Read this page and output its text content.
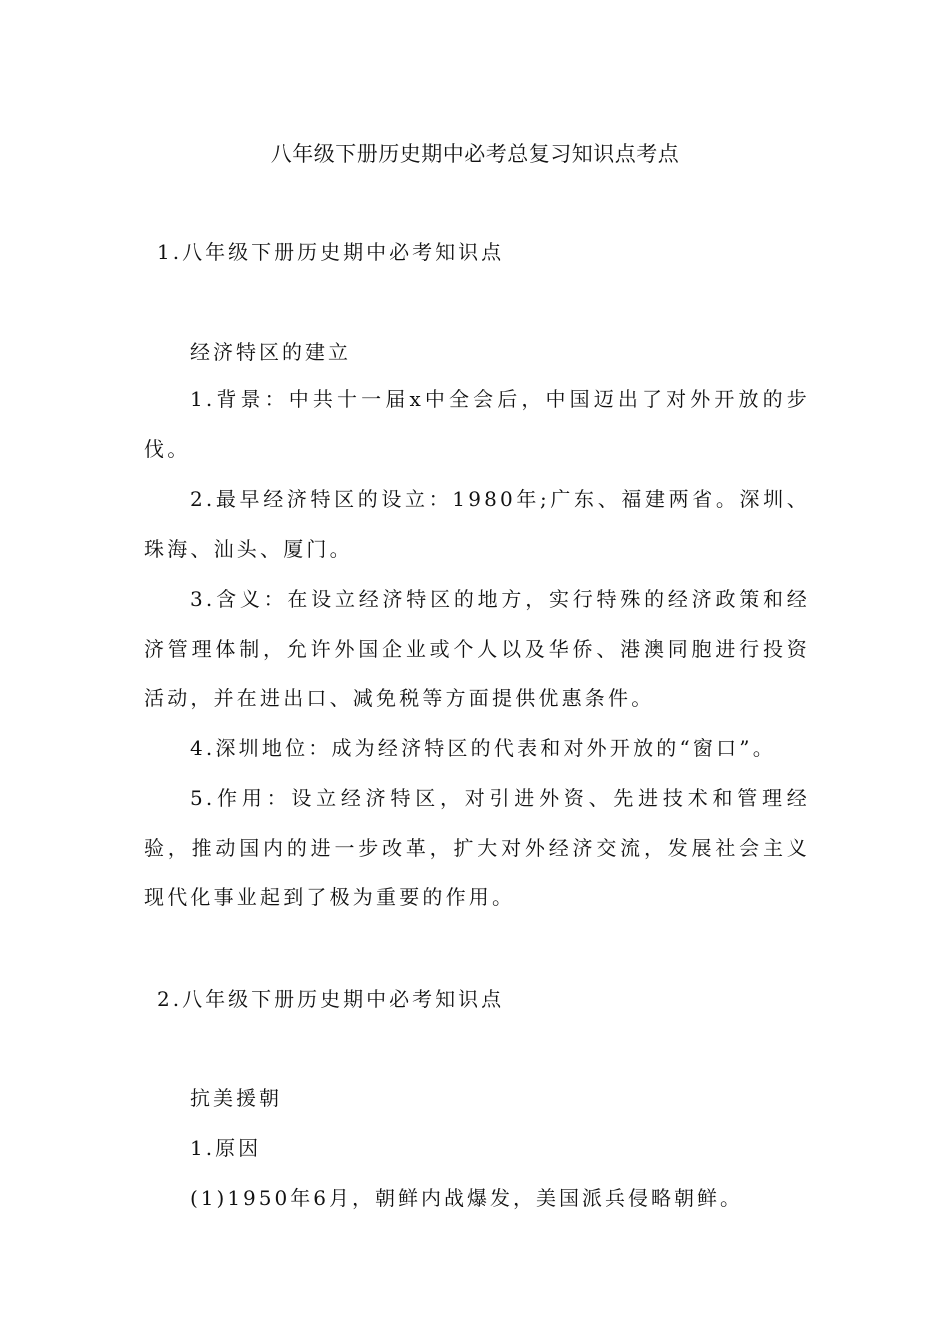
八年级下册历史期中必考总复习知识点考点
1.八年级下册历史期中必考知识点
经济特区的建立
1.背景：中共十一届x中全会后，中国迈出了对外开放的步伐。
2.最早经济特区的设立：1980年;广东、福建两省。深圳、珠海、汕头、厦门。
3.含义：在设立经济特区的地方，实行特殊的经济政策和经济管理体制，允许外国企业或个人以及华侨、港澳同胞进行投资活动，并在进出口、减免税等方面提供优惠条件。
4.深圳地位：成为经济特区的代表和对外开放的“窗口”。
5.作用：设立经济特区，对引进外资、先进技术和管理经验，推动国内的进一步改革，扩大对外经济交流，发展社会主义现代化事业起到了极为重要的作用。
2.八年级下册历史期中必考知识点
抗美援朝
1.原因
(1)1950年6月，朝鲜内战爆发，美国派兵侵略朝鲜。
